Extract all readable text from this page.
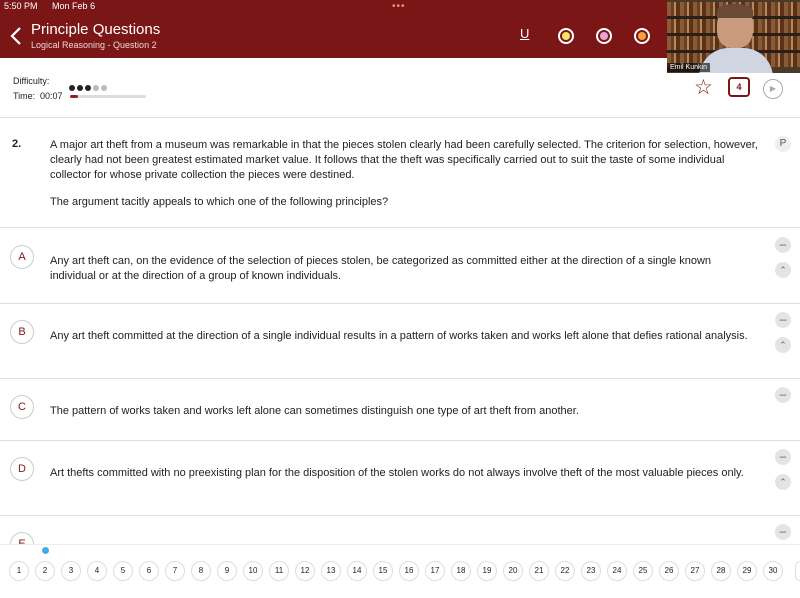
5:50 PM Mon Feb 6	•••
Principle Questions
Logical Reasoning - Question 2
U
Emil Kunkin
Difficulty:
Time: 00:07	☆	4	▶
2.	A major art theft from a museum was remarkable in that the pieces stolen clearly had been carefully selected. The criterion for selection, however, clearly had not been greatest estimated market value. It follows that the theft was specifically carried out to suit the taste of some individual collector for whose private collection the pieces were destined.
The argument tacitly appeals to which one of the following principles?
P
A	Any art theft can, on the evidence of the selection of pieces stolen, be categorized as committed either at the direction of a single known individual or at the direction of a group of known individuals.
–
⌃
B	Any art theft committed at the direction of a single individual results in a pattern of works taken and works left alone that defies rational analysis.
–
⌃
C	The pattern of works taken and works left alone can sometimes distinguish one type of art theft from another.
–
D	Art thefts committed with no preexisting plan for the disposition of the stolen works do not always involve theft of the most valuable pieces only.
–
⌃
–
1	2	3	4	5	6	7	8	9	10	11	12	13	14	15	16	17	18	19	20	21	22	23	24	25	26	27	28	29	30
